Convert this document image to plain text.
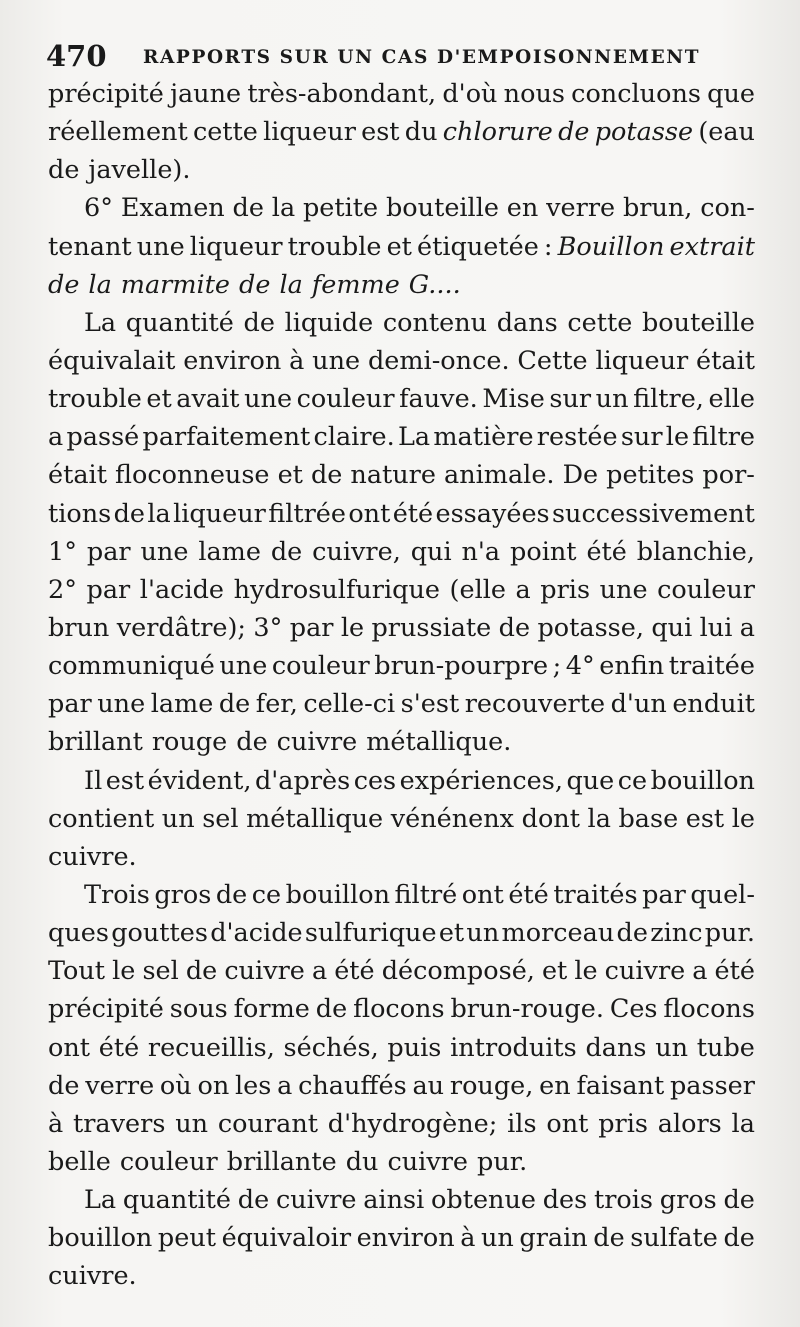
470 RAPPORTS SUR UN CAS D'EMPOISONNEMENT
précipité jaune très-abondant, d'où nous concluons que
réellement cette liqueur est du chlorure de potasse (eau
de javelle).
6° Examen de la petite bouteille en verre brun, con-
tenant une liqueur trouble et étiquetée : Bouillon extrait
de la marmite de la femme G....
La quantité de liquide contenu dans cette bouteille
équivalait environ à une demi-once. Cette liqueur était
trouble et avait une couleur fauve. Mise sur un filtre, elle
a passé parfaitement claire. La matière restée sur le filtre
était floconneuse et de nature animale. De petites por-
tions de la liqueur filtrée ont été essayées successivement
1° par une lame de cuivre, qui n'a point été blanchie,
2° par l'acide hydrosulfurique (elle a pris une couleur
brun verdâtre); 3° par le prussiate de potasse, qui lui a
communiqué une couleur brun-pourpre ; 4° enfin traitée
par une lame de fer, celle-ci s'est recouverte d'un enduit
brillant rouge de cuivre métallique.
Il est évident, d'après ces expériences, que ce bouillon
contient un sel métallique vénénenx dont la base est le
cuivre.
Trois gros de ce bouillon filtré ont été traités par quel-
ques gouttes d'acide sulfurique et un morceau de zinc pur.
Tout le sel de cuivre a été décomposé, et le cuivre a été
précipité sous forme de flocons brun-rouge. Ces flocons
ont été recueillis, séchés, puis introduits dans un tube
de verre où on les a chauffés au rouge, en faisant passer
à travers un courant d'hydrogène; ils ont pris alors la
belle couleur brillante du cuivre pur.
La quantité de cuivre ainsi obtenue des trois gros de
bouillon peut équivaloir environ à un grain de sulfate de
cuivre.
